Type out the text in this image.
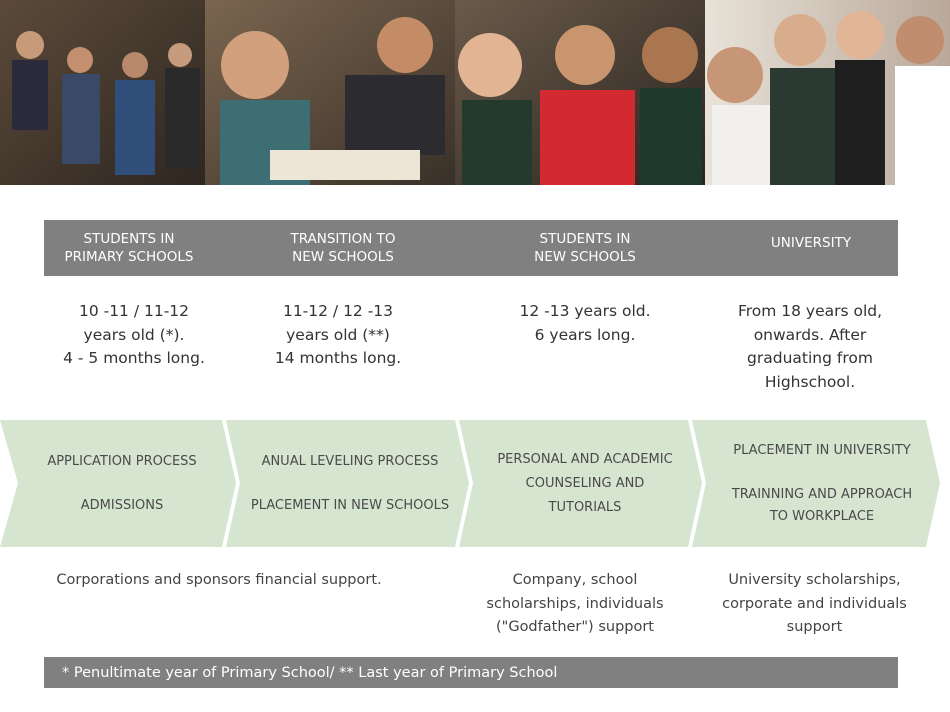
STUDENTS IN
PRIMARY SCHOOLS
TRANSITION TO
NEW SCHOOLS
STUDENTS IN
NEW SCHOOLS
UNIVERSITY
10 -11 / 11-12
years old (*).
4 - 5 months long.
11-12 / 12 -13
years old (**)
14 months long.
12 -13 years old.
6 years long.
From 18 years old,
onwards. After
graduating from
Highschool.
APPLICATION PROCESS
ADMISSIONS
ANUAL LEVELING PROCESS
PLACEMENT IN NEW SCHOOLS
PERSONAL AND ACADEMIC
COUNSELING AND
TUTORIALS
PLACEMENT IN UNIVERSITY
TRAINNING AND APPROACH
TO WORKPLACE
Corporations and sponsors financial support.	Company, school
scholarships, individuals
("Godfather") support
University scholarships,
corporate and individuals
support
* Penultimate year of Primary School/ ** Last year of Primary School
